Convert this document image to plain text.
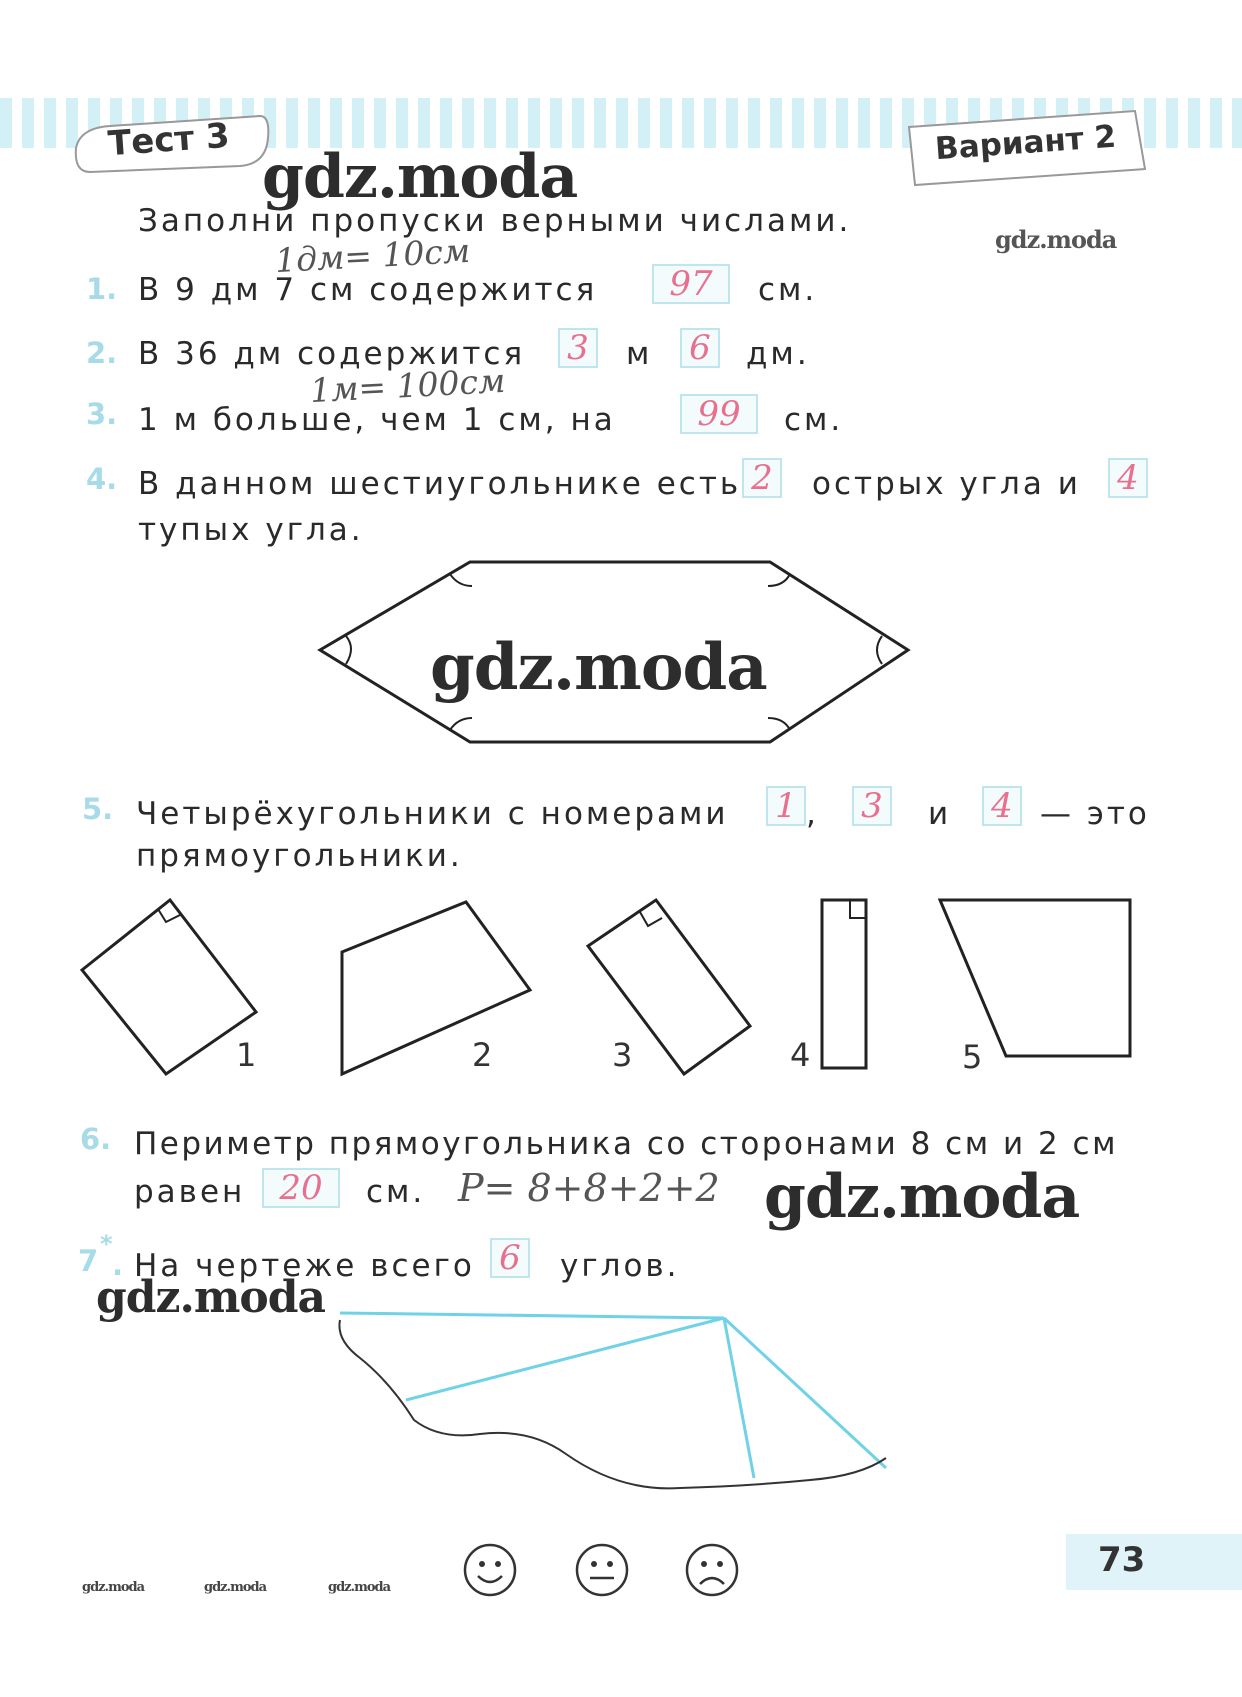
Тест 3	Вариант 2
gdz.moda
gdz.moda
Заполни пропуски верными числами.
1дм= 10см
1. В 9 дм 7 см содержится	97	см.
2. В 36 дм содержится 3 м 6 дм.
1м= 100см
3. 1 м больше, чем 1 см, на	99	см.
4. В данном шестиугольнике есть 2 острых угла и 4
тупых угла.
gdz.moda
5. Четырёхугольники с номерами 1 , 3 и 4 — это
прямоугольники.
1	2	3	4	5
6. Периметр прямоугольника со сторонами 8 см и 2 см
равен	20	см. P= 8+8+2+2 gdz.moda
7 *
. На чертеже всего 6 углов.
gdz.moda
gdz.moda	gdz.moda	gdz.moda
73
